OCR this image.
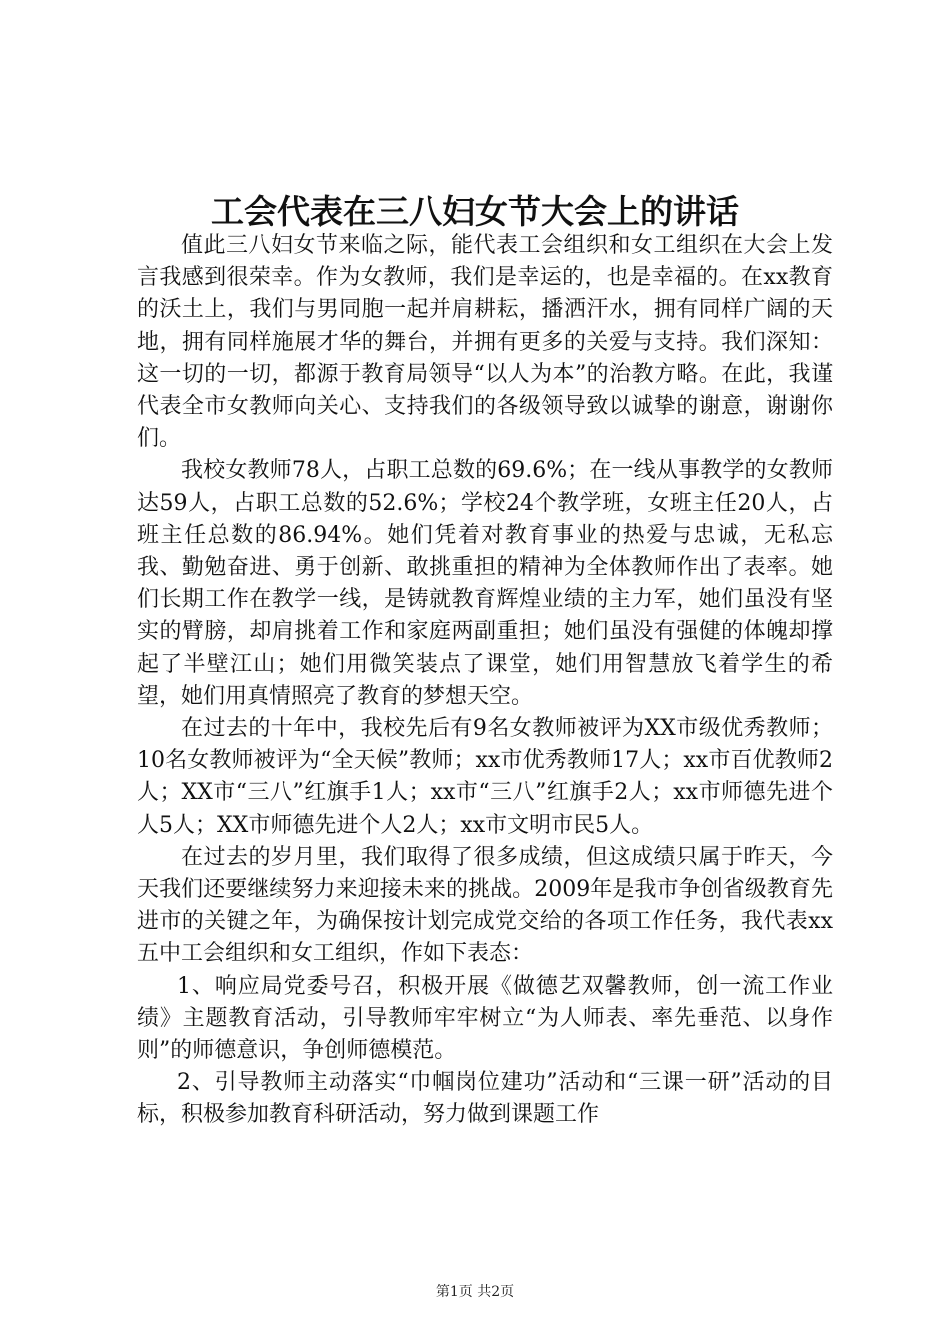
工会代表在三八妇女节大会上的讲话

值此三八妇女节来临之际，能代表工会组织和女工组织在大会上发言我感到很荣幸。作为女教师，我们是幸运的，也是幸福的。在xx教育的沃土上，我们与男同胞一起并肩耕耘，播洒汗水，拥有同样广阔的天地，拥有同样施展才华的舞台，并拥有更多的关爱与支持。我们深知：这一切的一切，都源于教育局领导“以人为本”的治教方略。在此，我谨代表全市女教师向关心、支持我们的各级领导致以诚挚的谢意，谢谢你们。

我校女教师78人，占职工总数的69.6%；在一线从事教学的女教师达59人，占职工总数的52.6%；学校24个教学班，女班主任20人，占班主任总数的86.94%。她们凭着对教育事业的热爱与忠诚，无私忘我、勤勉奋进、勇于创新、敢挑重担的精神为全体教师作出了表率。她们长期工作在教学一线，是铸就教育辉煌业绩的主力军，她们虽没有坚实的臂膀，却肩挑着工作和家庭两副重担；她们虽没有强健的体魄却撑起了半壁江山；她们用微笑装点了课堂，她们用智慧放飞着学生的希望，她们用真情照亮了教育的梦想天空。

在过去的十年中，我校先后有9名女教师被评为XX市级优秀教师；10名女教师被评为“全天候”教师；xx市优秀教师17人；xx市百优教师2人；XX市“三八”红旗手1人；xx市“三八”红旗手2人；xx市师德先进个人5人；XX市师德先进个人2人；xx市文明市民5人。

在过去的岁月里，我们取得了很多成绩，但这成绩只属于昨天，今天我们还要继续努力来迎接未来的挑战。2009年是我市争创省级教育先进市的关键之年，为确保按计划完成党交给的各项工作任务，我代表xx五中工会组织和女工组织，作如下表态：

1、响应局党委号召，积极开展《做德艺双馨教师，创一流工作业绩》主题教育活动，引导教师牢牢树立“为人师表、率先垂范、以身作则”的师德意识，争创师德模范。

2、引导教师主动落实“巾帼岗位建功”活动和“三课一研”活动的目标，积极参加教育科研活动，努力做到课题工作

第1页 共2页
